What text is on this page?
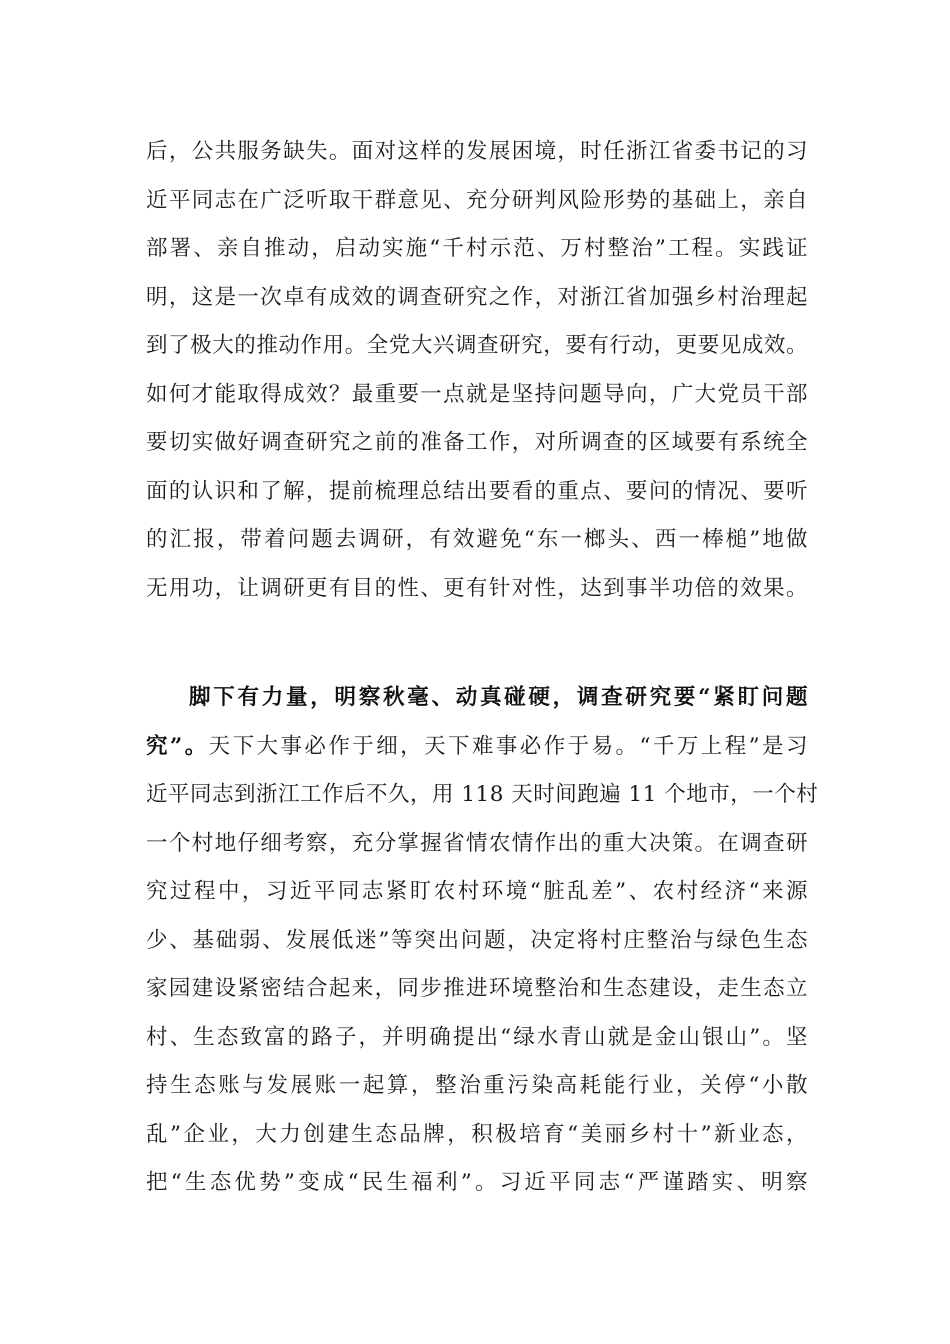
后，公共服务缺失。面对这样的发展困境，时任浙江省委书记的习
近平同志在广泛听取干群意见、充分研判风险形势的基础上，亲自
部署、亲自推动，启动实施“千村示范、万村整治”工程。实践证
明，这是一次卓有成效的调查研究之作，对浙江省加强乡村治理起
到了极大的推动作用。全党大兴调查研究，要有行动，更要见成效。
如何才能取得成效？最重要一点就是坚持问题导向，广大党员干部
要切实做好调查研究之前的准备工作，对所调查的区域要有系统全
面的认识和了解，提前梳理总结出要看的重点、要问的情况、要听
的汇报，带着问题去调研，有效避免“东一榔头、西一棒槌”地做
无用功，让调研更有目的性、更有针对性，达到事半功倍的效果。
脚下有力量，明察秋毫、动真碰硬，调查研究要“紧盯问题
究”。天下大事必作于细，天下难事必作于易。“千万上程”是习
近平同志到浙江工作后不久，用 118 天时间跑遍 11 个地市，一个村
一个村地仔细考察，充分掌握省情农情作出的重大决策。在调查研
究过程中，习近平同志紧盯农村环境“脏乱差”、农村经济“来源
少、基础弱、发展低迷”等突出问题，决定将村庄整治与绿色生态
家园建设紧密结合起来，同步推进环境整治和生态建设，走生态立
村、生态致富的路子，并明确提出“绿水青山就是金山银山”。坚
持生态账与发展账一起算，整治重污染高耗能行业，关停“小散
乱”企业，大力创建生态品牌，积极培育“美丽乡村十”新业态，
把“生态优势”变成“民生福利”。习近平同志“严谨踏实、明察
